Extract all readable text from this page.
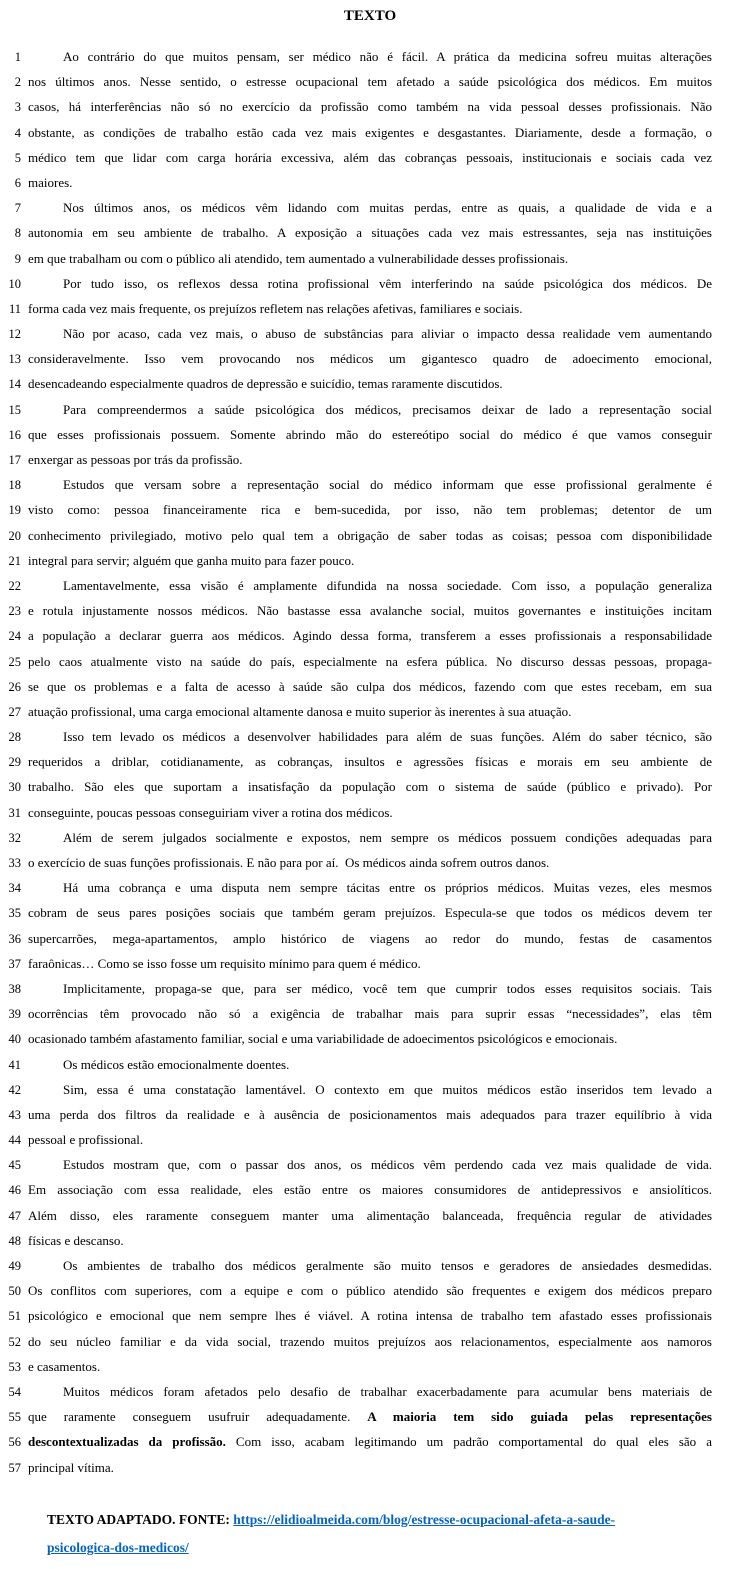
TEXTO
1	Ao contrário do que muitos pensam, ser médico não é fácil. A prática da medicina sofreu muitas alterações
2 nos últimos anos. Nesse sentido, o estresse ocupacional tem afetado a saúde psicológica dos médicos. Em muitos
3 casos, há interferências não só no exercício da profissão como também na vida pessoal desses profissionais. Não
4 obstante, as condições de trabalho estão cada vez mais exigentes e desgastantes. Diariamente, desde a formação, o
5 médico tem que lidar com carga horária excessiva, além das cobranças pessoais, institucionais e sociais cada vez
6 maiores.
7	Nos últimos anos, os médicos vêm lidando com muitas perdas, entre as quais, a qualidade de vida e a
8 autonomia em seu ambiente de trabalho. A exposição a situações cada vez mais estressantes, seja nas instituições
9 em que trabalham ou com o público ali atendido, tem aumentado a vulnerabilidade desses profissionais.
10	Por tudo isso, os reflexos dessa rotina profissional vêm interferindo na saúde psicológica dos médicos. De
11 forma cada vez mais frequente, os prejuízos refletem nas relações afetivas, familiares e sociais.
12	Não por acaso, cada vez mais, o abuso de substâncias para aliviar o impacto dessa realidade vem aumentando
13 consideravelmente. Isso vem provocando nos médicos um gigantesco quadro de adoecimento emocional,
14 desencadeando especialmente quadros de depressão e suicídio, temas raramente discutidos.
15	Para compreendermos a saúde psicológica dos médicos, precisamos deixar de lado a representação social
16 que esses profissionais possuem. Somente abrindo mão do estereótipo social do médico é que vamos conseguir
17 enxergar as pessoas por trás da profissão.
18	Estudos que versam sobre a representação social do médico informam que esse profissional geralmente é
19 visto como: pessoa financeiramente rica e bem-sucedida, por isso, não tem problemas; detentor de um
20 conhecimento privilegiado, motivo pelo qual tem a obrigação de saber todas as coisas; pessoa com disponibilidade
21 integral para servir; alguém que ganha muito para fazer pouco.
22	Lamentavelmente, essa visão é amplamente difundida na nossa sociedade. Com isso, a população generaliza
23 e rotula injustamente nossos médicos. Não bastasse essa avalanche social, muitos governantes e instituições incitam
24 a população a declarar guerra aos médicos. Agindo dessa forma, transferem a esses profissionais a responsabilidade
25 pelo caos atualmente visto na saúde do país, especialmente na esfera pública. No discurso dessas pessoas, propaga-
26 se que os problemas e a falta de acesso à saúde são culpa dos médicos, fazendo com que estes recebam, em sua
27 atuação profissional, uma carga emocional altamente danosa e muito superior às inerentes à sua atuação.
28	Isso tem levado os médicos a desenvolver habilidades para além de suas funções. Além do saber técnico, são
29 requeridos a driblar, cotidianamente, as cobranças, insultos e agressões físicas e morais em seu ambiente de
30 trabalho. São eles que suportam a insatisfação da população com o sistema de saúde (público e privado). Por
31 conseguinte, poucas pessoas conseguiriam viver a rotina dos médicos.
32	Além de serem julgados socialmente e expostos, nem sempre os médicos possuem condições adequadas para
33 o exercício de suas funções profissionais. E não para por aí.  Os médicos ainda sofrem outros danos.
34	Há uma cobrança e uma disputa nem sempre tácitas entre os próprios médicos. Muitas vezes, eles mesmos
35 cobram de seus pares posições sociais que também geram prejuízos. Especula-se que todos os médicos devem ter
36 supercarrões, mega-apartamentos, amplo histórico de viagens ao redor do mundo, festas de casamentos
37 faraônicas… Como se isso fosse um requisito mínimo para quem é médico.
38	Implicitamente, propaga-se que, para ser médico, você tem que cumprir todos esses requisitos sociais. Tais
39 ocorrências têm provocado não só a exigência de trabalhar mais para suprir essas “necessidades”, elas têm
40 ocasionado também afastamento familiar, social e uma variabilidade de adoecimentos psicológicos e emocionais.
41	Os médicos estão emocionalmente doentes.
42	Sim, essa é uma constatação lamentável. O contexto em que muitos médicos estão inseridos tem levado a
43 uma perda dos filtros da realidade e à ausência de posicionamentos mais adequados para trazer equilíbrio à vida
44 pessoal e profissional.
45	Estudos mostram que, com o passar dos anos, os médicos vêm perdendo cada vez mais qualidade de vida.
46 Em associação com essa realidade, eles estão entre os maiores consumidores de antidepressivos e ansiolíticos.
47 Além disso, eles raramente conseguem manter uma alimentação balanceada, frequência regular de atividades
48 físicas e descanso.
49	Os ambientes de trabalho dos médicos geralmente são muito tensos e geradores de ansiedades desmedidas.
50 Os conflitos com superiores, com a equipe e com o público atendido são frequentes e exigem dos médicos preparo
51 psicológico e emocional que nem sempre lhes é viável. A rotina intensa de trabalho tem afastado esses profissionais
52 do seu núcleo familiar e da vida social, trazendo muitos prejuízos aos relacionamentos, especialmente aos namoros
53 e casamentos.
54	Muitos médicos foram afetados pelo desafio de trabalhar exacerbadamente para acumular bens materiais de
55 que raramente conseguem usufruir adequadamente. A maioria tem sido guiada pelas representações
56 descontextualizadas da profissão. Com isso, acabam legitimando um padrão comportamental do qual eles são a
57 principal vítima.
TEXTO ADAPTADO. FONTE: https://elidioalmeida.com/blog/estresse-ocupacional-afeta-a-saude-
psicologica-dos-medicos/
